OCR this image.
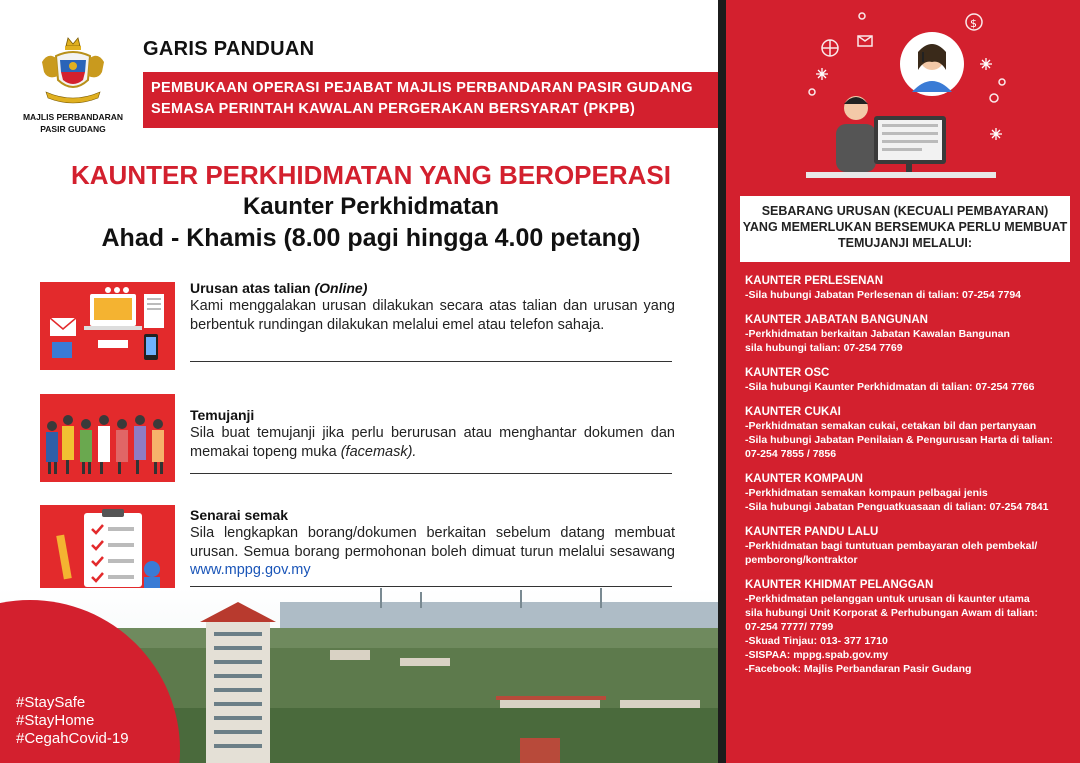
MAJLIS PERBANDARAN
PASIR GUDANG
GARIS PANDUAN
PEMBUKAAN OPERASI PEJABAT MAJLIS PERBANDARAN PASIR GUDANG
SEMASA PERINTAH KAWALAN PERGERAKAN BERSYARAT (PKPB)
KAUNTER PERKHIDMATAN YANG BEROPERASI
Kaunter Perkhidmatan
Ahad - Khamis (8.00 pagi hingga 4.00 petang)
Urusan atas talian (Online)
Kami menggalakan urusan dilakukan secara atas talian dan urusan yang berbentuk rundingan dilakukan melalui emel atau telefon sahaja.
Temujanji
Sila buat temujanji jika perlu berurusan atau menghantar dokumen dan memakai topeng muka (facemask).
Senarai semak
Sila lengkapkan borang/dokumen berkaitan sebelum datang membuat urusan. Semua borang permohonan boleh dimuat turun melalui sesawang www.mppg.gov.my
#StaySafe
#StayHome
#CegahCovid-19
$
SEBARANG URUSAN (KECUALI PEMBAYARAN)
YANG MEMERLUKAN BERSEMUKA PERLU MEMBUAT
TEMUJANJI MELALUI:
KAUNTER PERLESENAN
-Sila hubungi Jabatan Perlesenan di talian: 07-254 7794
KAUNTER JABATAN BANGUNAN
-Perkhidmatan berkaitan Jabatan Kawalan Bangunan
sila hubungi talian: 07-254 7769
KAUNTER OSC
-Sila hubungi Kaunter Perkhidmatan di talian: 07-254 7766
KAUNTER CUKAI
-Perkhidmatan semakan cukai, cetakan bil dan pertanyaan
-Sila hubungi Jabatan Penilaian & Pengurusan Harta di talian:
07-254 7855 / 7856
KAUNTER KOMPAUN
-Perkhidmatan semakan kompaun pelbagai jenis
-Sila hubungi Jabatan Penguatkuasaan di talian: 07-254 7841
KAUNTER PANDU LALU
-Perkhidmatan bagi tuntutuan pembayaran oleh pembekal/
pemborong/kontraktor
KAUNTER KHIDMAT PELANGGAN
-Perkhidmatan pelanggan untuk urusan di kaunter utama
sila hubungi Unit Korporat & Perhubungan Awam di talian:
07-254 7777/ 7799
-Skuad Tinjau: 013- 377 1710
-SISPAA: mppg.spab.gov.my
-Facebook: Majlis Perbandaran Pasir Gudang
